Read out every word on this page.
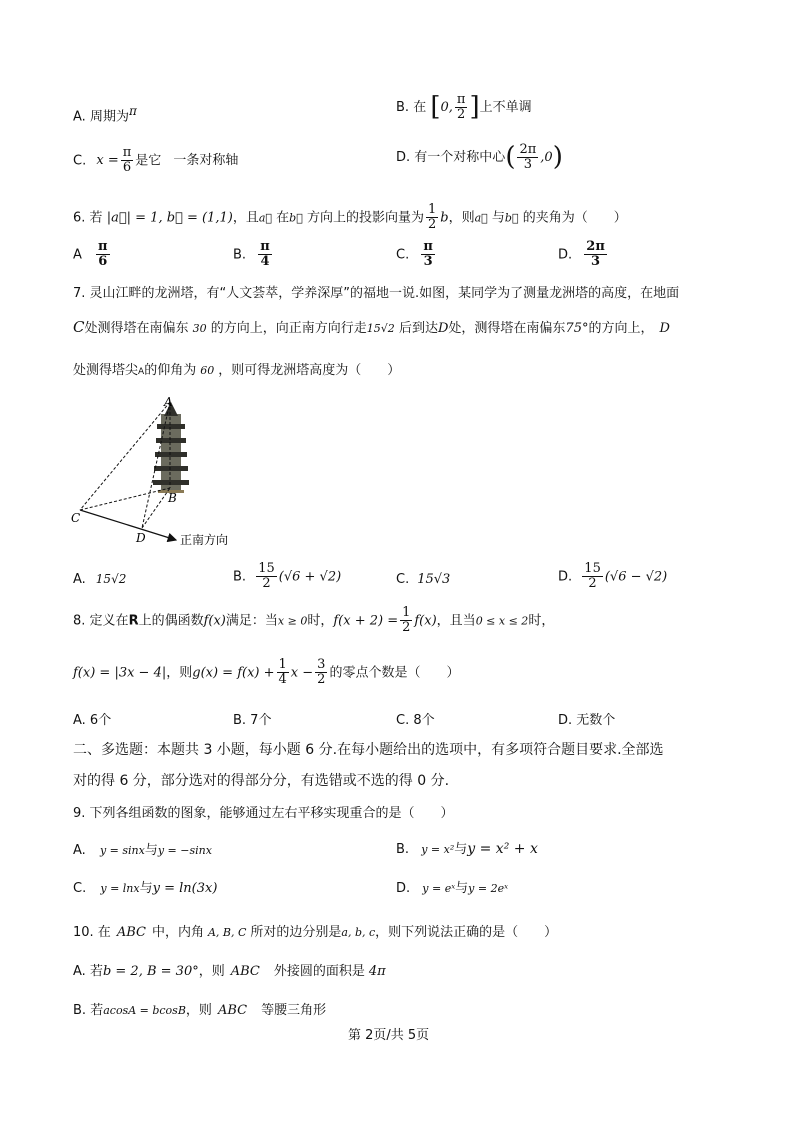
A. 周期为π	B. 在 [0, $\frac{\pi}{2}$ ]上不单调
C. $x = \frac{\pi}{6}$ 是它 一条对称轴	D. 有一个对称中心( $\frac{2\pi}{3} ,0$)
6. 若 |a⃗| = 1, b⃗ = (1,1)，且a⃗ 在b⃗ 方向上的投影向量为 $\frac{1}{2}$ b，则a⃗ 与b⃗ 的夹角为（　　）
A $\frac{\pi}{6}$	B. $\frac{\pi}{4}$	C. $\frac{\pi}{3}$	D. $\frac{2\pi}{3}$
7. 灵山江畔的龙洲塔，有“人文荟萃，学养深厚”的福地一说.如图，某同学为了测量龙洲塔的高度，在地面
C处测得塔在南偏东 30 的方向上，向正南方向行走15√2 后到达D处，测得塔在南偏东75°的方向上， D
处测得塔尖A的仰角为 60 ，则可得龙洲塔高度为（　　）
A
B
C
D	正南方向
A. 15√2	B. $\frac{15}{2} (√6 + √2)$	C. 15√3	D. $\frac{15}{2} (√6 - √2)$
8. 定义在R上的偶函数f(x)满足：当x ≥ 0时，$f(x + 2) = \frac{1}{2} f(x)$，且当0 ≤ x ≤ 2时，
f(x) = |3x − 4|，则$g(x) = f(x) + \frac{1}{4}$ $x - \frac{3}{2}$ 的零点个数是（　　）
A. 6个	B. 7个	C. 8个	D. 无数个
二、多选题：本题共 3 小题，每小题 6 分.在每小题给出的选项中，有多项符合题目要求.全部选
对的得 6 分，部分选对的得部分分，有选错或不选的得 0 分.
9. 下列各组函数的图象，能够通过左右平移实现重合的是（　　）
A. y = sinx与y = −sinx	B. y = x²与y = x² + x
C. y = lnx与y = ln(3x)	D. y = eˣ与y = 2eˣ
10. 在 ABC 中，内角 A, B, C 所对的边分别是a, b, c，则下列说法正确的是（　　）
A. 若b = 2, B = 30°，则 ABC 外接圆的面积是 4π
B. 若acosA = bcosB，则 ABC 等腰三角形
第 2页/共 5页
